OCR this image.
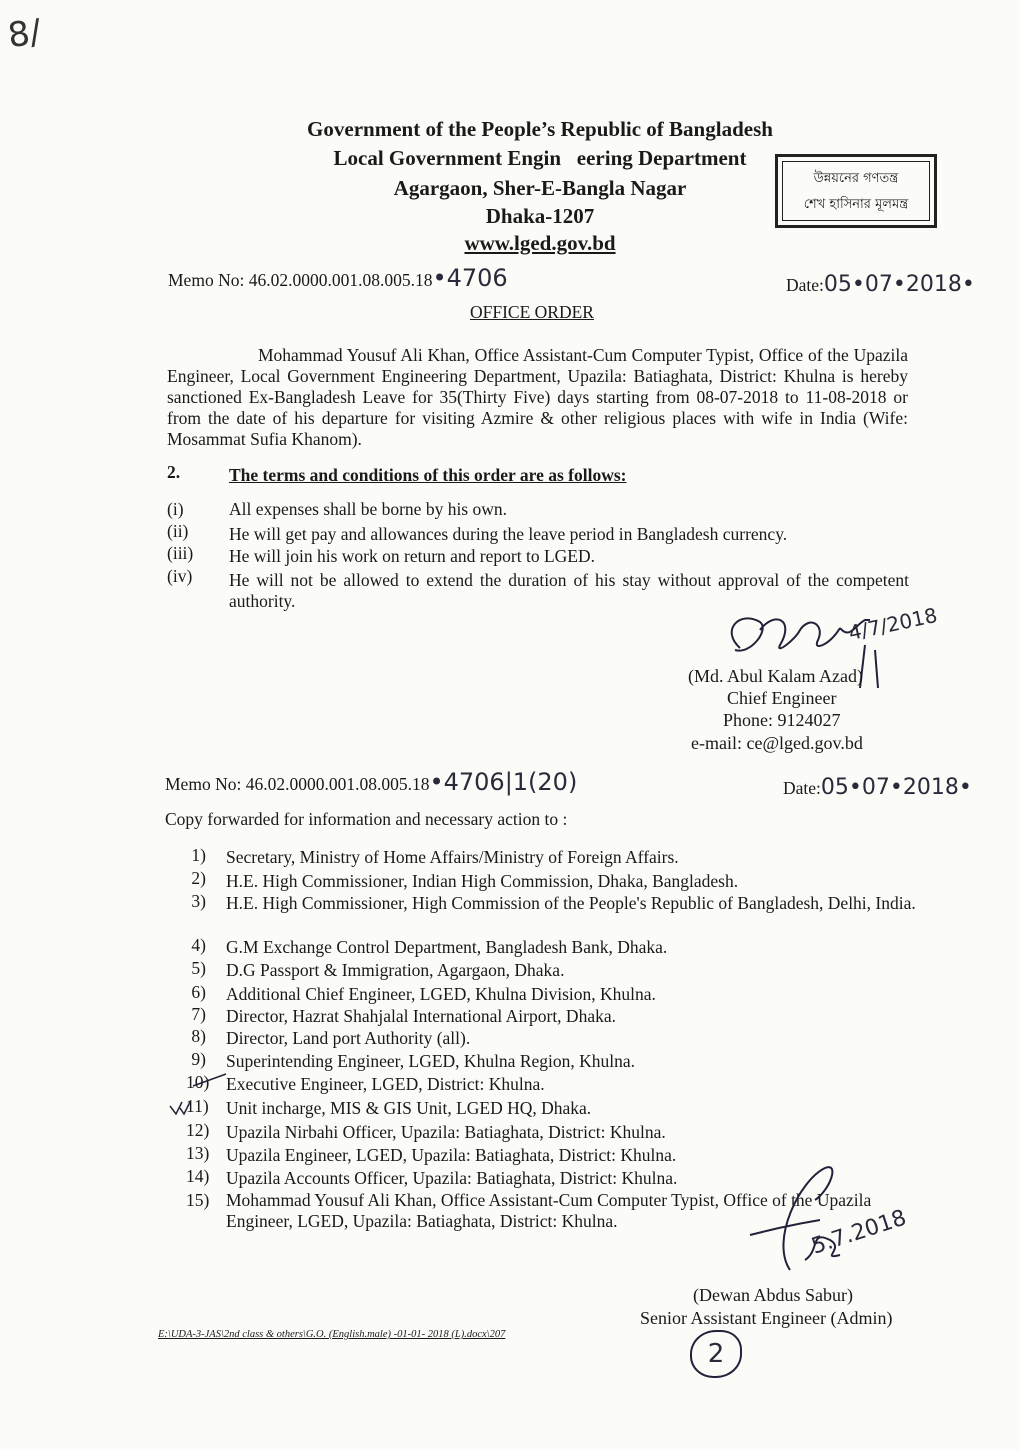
8/
Government of the People’s Republic of Bangladesh
Local Government Engin   eering Department
Agargaon, Sher-E-Bangla Nagar
Dhaka-1207
www.lged.gov.bd
উন্নয়নের গণতন্ত্র
শেখ হাসিনার মূলমন্ত্র
Memo No: 46.02.0000.001.08.005.18•4706	Date:05•07•2018•
OFFICE ORDER
Mohammad Yousuf Ali Khan, Office Assistant-Cum Computer Typist, Office of the Upazila Engineer, Local Government Engineering Department, Upazila: Batiaghata, District: Khulna is hereby sanctioned Ex-Bangladesh Leave for 35(Thirty Five) days starting from 08-07-2018 to 11-08-2018 or from the date of his departure for visiting Azmire & other religious places with wife in India (Wife: Mosammat Sufia Khanom).
2.	The terms and conditions of this order are as follows:
(i)	All expenses shall be borne by his own.
(ii) He will get pay and allowances during the leave period in Bangladesh currency.
(iii) He will join his work on return and report to LGED.
(iv) He will not be allowed to extend the duration of his stay without approval of the competent authority.
4/7/2018
(Md. Abul Kalam Azad)
Chief Engineer
Phone: 9124027
e-mail: ce@lged.gov.bd
Memo No: 46.02.0000.001.08.005.18•4706|1(20)	Date:05•07•2018•
Copy forwarded for information and necessary action to :
1) Secretary, Ministry of Home Affairs/Ministry of Foreign Affairs.
2) H.E. High Commissioner, Indian High Commission, Dhaka, Bangladesh.
3) H.E. High Commissioner, High Commission of the People's Republic of Bangladesh, Delhi, India.
4) G.M Exchange Control Department, Bangladesh Bank, Dhaka.
5) D.G Passport & Immigration, Agargaon, Dhaka.
6) Additional Chief Engineer, LGED, Khulna Division, Khulna.
7) Director, Hazrat Shahjalal International Airport, Dhaka.
8) Director, Land port Authority (all).
9) Superintending Engineer, LGED, Khulna Region, Khulna.
10) Executive Engineer, LGED, District: Khulna.
11) Unit incharge, MIS & GIS Unit, LGED HQ, Dhaka.
12) Upazila Nirbahi Officer, Upazila: Batiaghata, District: Khulna.
13) Upazila Engineer, LGED, Upazila: Batiaghata, District: Khulna.
14) Upazila Accounts Officer, Upazila: Batiaghata, District: Khulna.
15) Mohammad Yousuf Ali Khan, Office Assistant-Cum Computer Typist, Office of the Upazila Engineer, LGED, Upazila: Batiaghata, District: Khulna.	5.7.2018
(Dewan Abdus Sabur)
Senior Assistant Engineer (Admin)
2
E:\UDA-3-JAS\2nd class & others\G.O. (English.male) -01-01- 2018 (L).docx\207
